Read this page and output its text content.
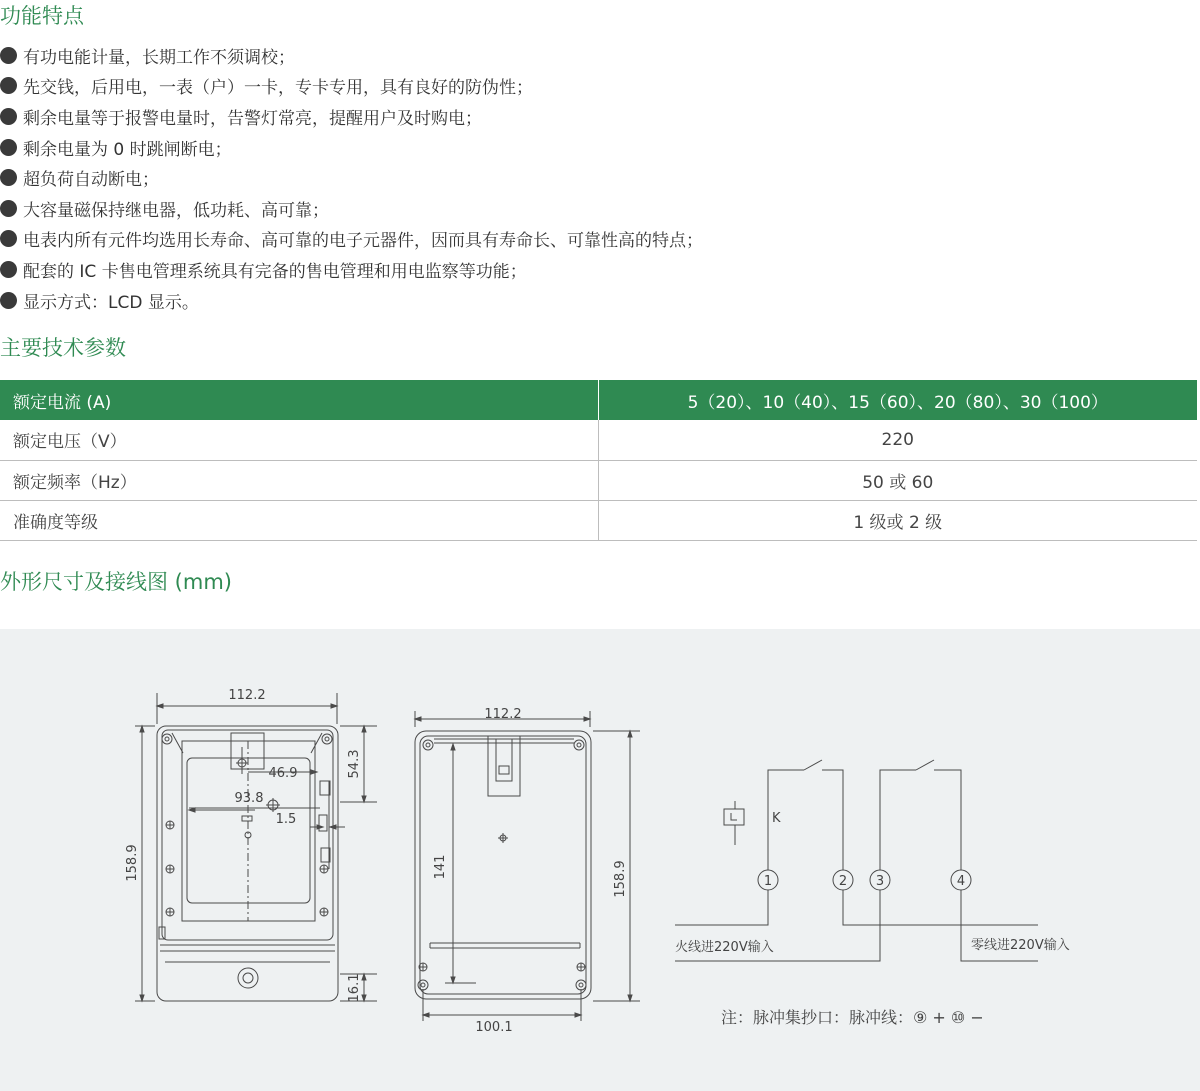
功能特点
有功电能计量，长期工作不须调校；
先交钱，后用电，一表（户）一卡，专卡专用，具有良好的防伪性；
剩余电量等于报警电量时，告警灯常亮，提醒用户及时购电；
剩余电量为 0 时跳闸断电；
超负荷自动断电；
大容量磁保持继电器，低功耗、高可靠；
电表内所有元件均选用长寿命、高可靠的电子元器件，因而具有寿命长、可靠性高的特点；
配套的 IC 卡售电管理系统具有完备的售电管理和用电监察等功能；
显示方式：LCD 显示。
主要技术参数
额定电流 (A)	5（20）、10（40）、15（60）、20（80）、30（100）
额定电压（V）	220
额定频率（Hz）	50 或 60
准确度等级	1 级或 2 级
外形尺寸及接线图 (mm)
112.2
46.9
93.8
1.5
54.3
158.9
16.1
112.2
141	158.9
100.1
K
1	2 3	4
火线进220V输入	零线进220V输入
注：脉冲集抄口：脉冲线：⑨ + ⑩ −
